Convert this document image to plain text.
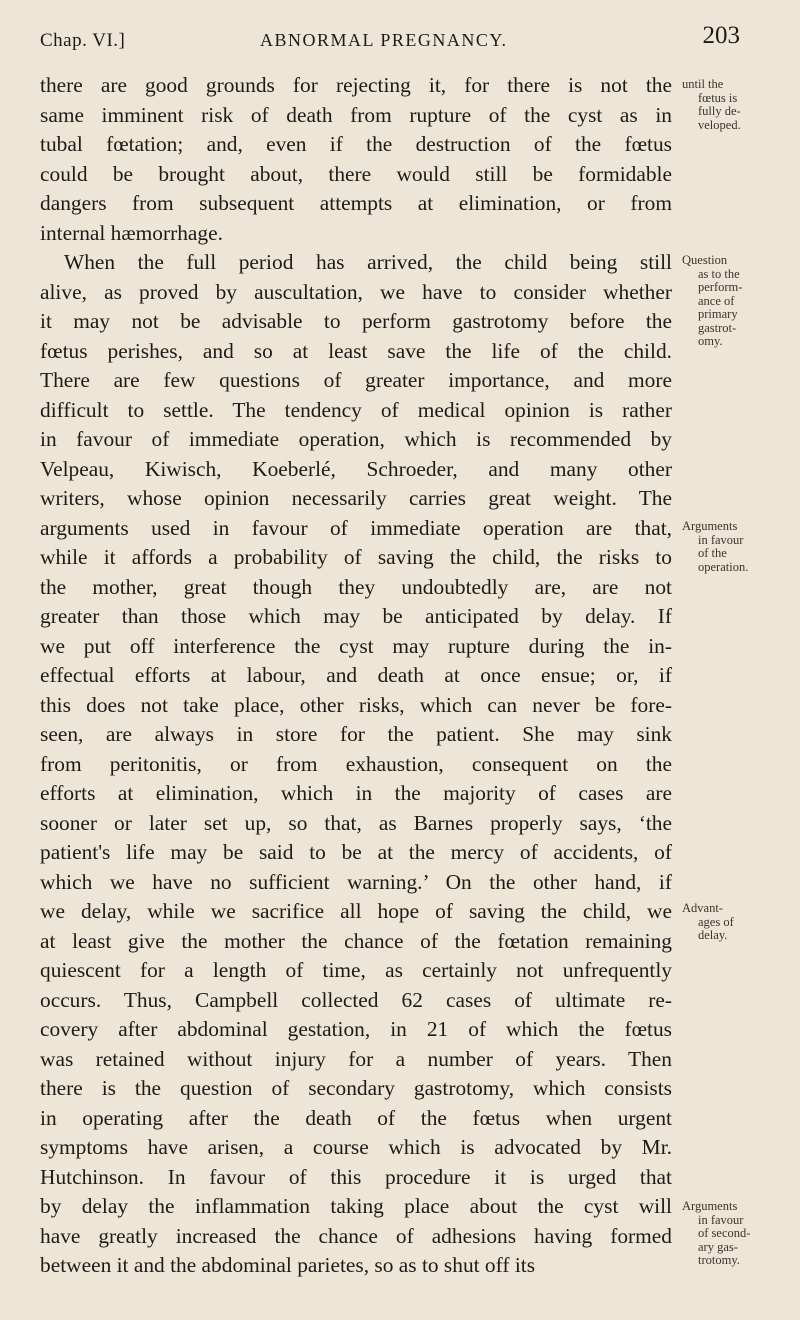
Chap. VI.]	ABNORMAL PREGNANCY.	203
there are good grounds for rejecting it, for there is not the
same imminent risk of death from rupture of the cyst as in
tubal fœtation; and, even if the destruction of the fœtus
could be brought about, there would still be formidable
dangers from subsequent attempts at elimination, or from
internal hæmorrhage.
When the full period has arrived, the child being still
alive, as proved by auscultation, we have to consider whether
it may not be advisable to perform gastrotomy before the
fœtus perishes, and so at least save the life of the child.
There are few questions of greater importance, and more
difficult to settle. The tendency of medical opinion is rather
in favour of immediate operation, which is recommended by
Velpeau, Kiwisch, Koeberlé, Schroeder, and many other
writers, whose opinion necessarily carries great weight. The
arguments used in favour of immediate operation are that,
while it affords a probability of saving the child, the risks to
the mother, great though they undoubtedly are, are not
greater than those which may be anticipated by delay. If
we put off interference the cyst may rupture during the in-
effectual efforts at labour, and death at once ensue; or, if
this does not take place, other risks, which can never be fore-
seen, are always in store for the patient. She may sink
from peritonitis, or from exhaustion, consequent on the
efforts at elimination, which in the majority of cases are
sooner or later set up, so that, as Barnes properly says, ‘the
patient's life may be said to be at the mercy of accidents, of
which we have no sufficient warning.’ On the other hand, if
we delay, while we sacrifice all hope of saving the child, we
at least give the mother the chance of the fœtation remaining
quiescent for a length of time, as certainly not unfrequently
occurs. Thus, Campbell collected 62 cases of ultimate re-
covery after abdominal gestation, in 21 of which the fœtus
was retained without injury for a number of years. Then
there is the question of secondary gastrotomy, which consists
in operating after the death of the fœtus when urgent
symptoms have arisen, a course which is advocated by Mr.
Hutchinson. In favour of this procedure it is urged that
by delay the inflammation taking place about the cyst will
have greatly increased the chance of adhesions having formed
between it and the abdominal parietes, so as to shut off its
until the
fœtus is
fully de-
veloped.
Question
as to the
perform-
ance of
primary
gastrot-
omy.
Arguments
in favour
of the
operation.
Advant-
ages of
delay.
Arguments
in favour
of second-
ary gas-
trotomy.
